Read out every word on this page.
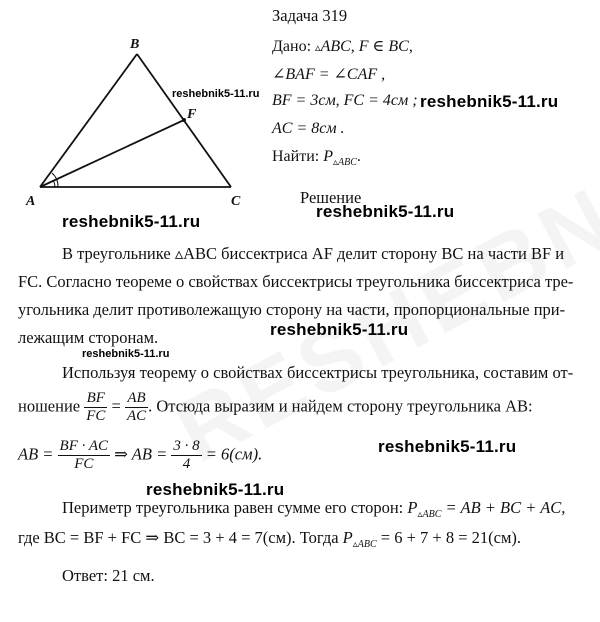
Задача 319
B
F
A	C
reshebnik5-11.ru	reshebnik5-11.ru
reshebnik5-11.ru
reshebnik5-11.ru
reshebnik5-11.ru
reshebnik5-11.ru
reshebnik5-11.ru
reshebnik5-11.ru
Дано: ▵ABC, F ∈ BC,
∠BAF = ∠CAF ,
BF = 3см, FC = 4см ;
AC = 8см .
Найти: $P_{▵ABC}$.
Решение
В треугольнике ▵ABC биссектриса AF делит сторону BC на части BF и
FC. Согласно теореме о свойствах биссектрисы треугольника биссектриса тре-
угольника делит противолежащую сторону на части, пропорциональные при-
лежащим сторонам.
Используя теорему о свойствах биссектрисы треугольника, составим от-
ношение $\frac{BF}{FC} = \frac{AB}{AC}$ . Отсюда выразим и найдем сторону треугольника AB:
AB = $\frac{BF \cdot AC}{FC}$ ⇒ AB = $\frac{3 \cdot 8}{4} = 6(см)$.
Периметр треугольника равен сумме его сторон: $P_{▵ABC}$ = AB + BC + AC,
где BC = BF + FC ⇒ BC = 3 + 4 = 7(см). Тогда $P_{▵ABC} = 6 + 7 + 8 = 21(см)$.
Ответ: 21 см.
